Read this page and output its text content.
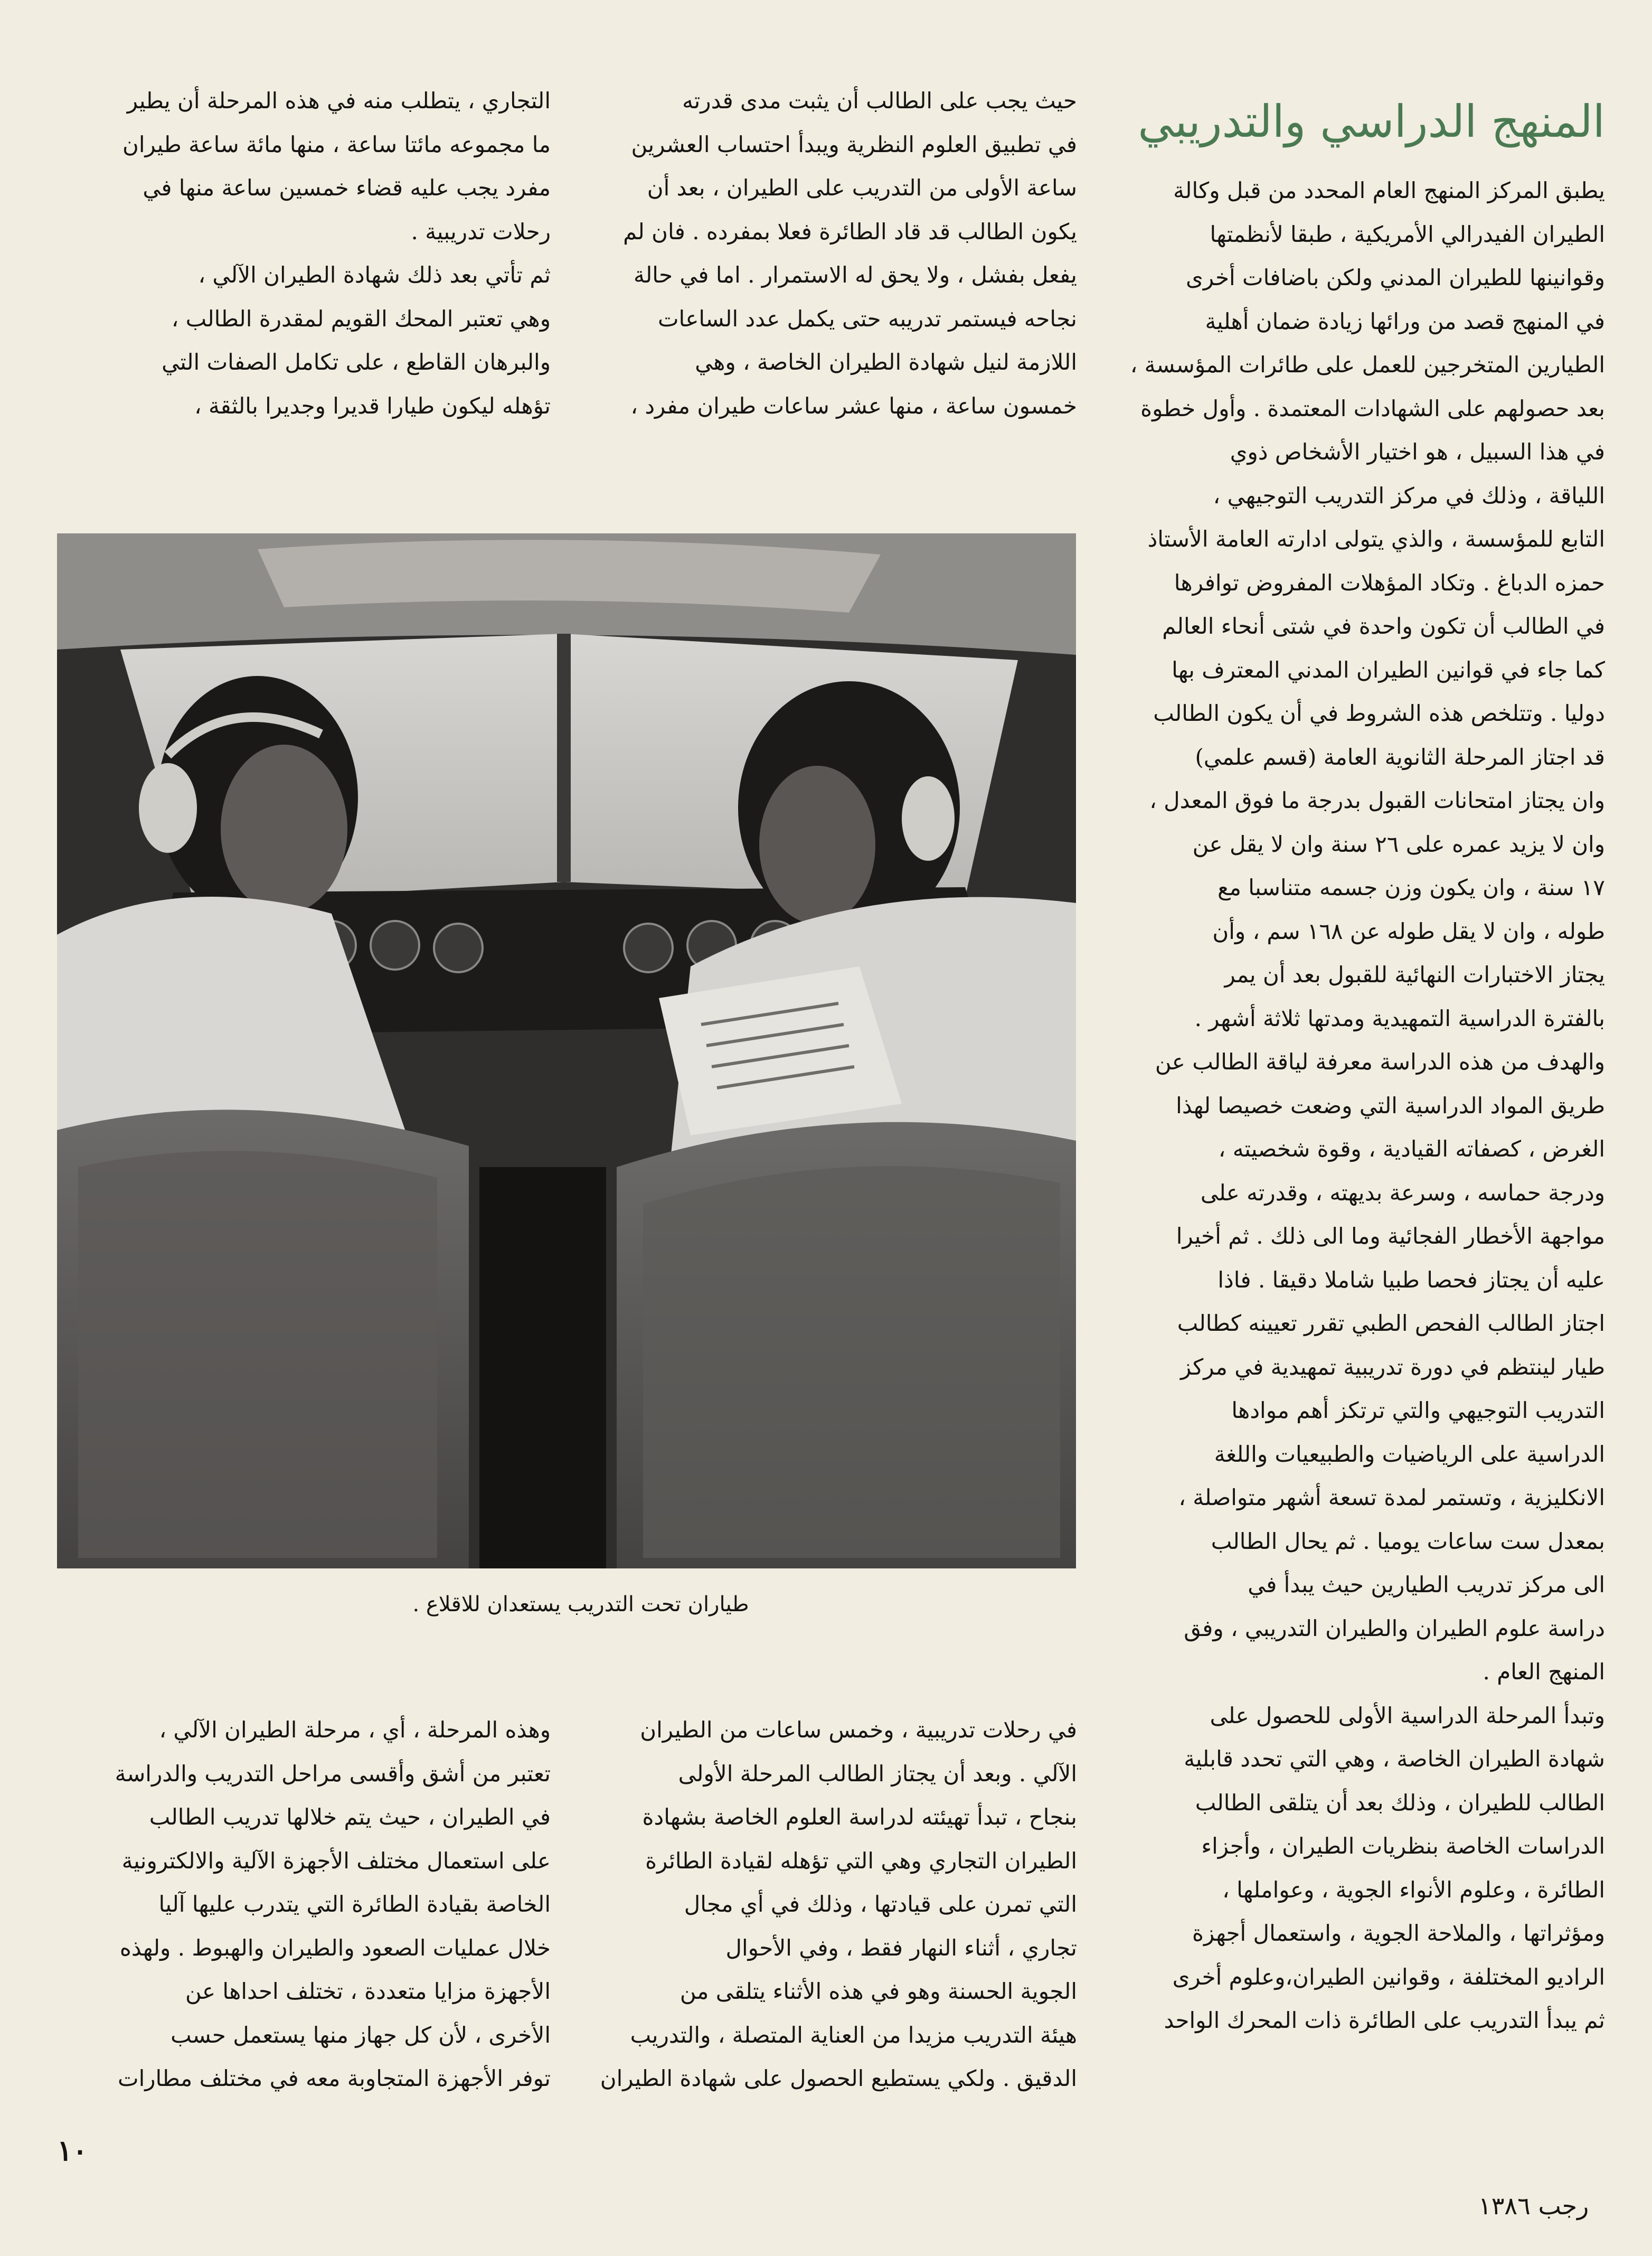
المنهج الدراسي والتدريبي

يطبق المركز المنهج العام المحدد من قبل وكالة
الطيران الفيدرالي الأمريكية ، طبقا لأنظمتها
وقوانينها للطيران المدني ولكن باضافات أخرى
في المنهج قصد من ورائها زيادة ضمان أهلية
الطيارين المتخرجين للعمل على طائرات المؤسسة ،
بعد حصولهم على الشهادات المعتمدة . وأول خطوة
في هذا السبيل ، هو اختيار الأشخاص ذوي
اللياقة ، وذلك في مركز التدريب التوجيهي ،
التابع للمؤسسة ، والذي يتولى ادارته العامة الأستاذ
حمزه الدباغ . وتكاد المؤهلات المفروض توافرها
في الطالب أن تكون واحدة في شتى أنحاء العالم
كما جاء في قوانين الطيران المدني المعترف بها
دوليا . وتتلخص هذه الشروط في أن يكون الطالب
قد اجتاز المرحلة الثانوية العامة (قسم علمي)
وان يجتاز امتحانات القبول بدرجة ما فوق المعدل ،
وان لا يزيد عمره على ٢٦ سنة وان لا يقل عن
١٧ سنة ، وان يكون وزن جسمه متناسبا مع
طوله ، وان لا يقل طوله عن ١٦٨ سم ، وأن
يجتاز الاختبارات النهائية للقبول بعد أن يمر
بالفترة الدراسية التمهيدية ومدتها ثلاثة أشهر .
والهدف من هذه الدراسة معرفة لياقة الطالب عن
طريق المواد الدراسية التي وضعت خصيصا لهذا
الغرض ، كصفاته القيادية ، وقوة شخصيته ،
ودرجة حماسه ، وسرعة بديهته ، وقدرته على
مواجهة الأخطار الفجائية وما الى ذلك . ثم أخيرا
عليه أن يجتاز فحصا طبيا شاملا دقيقا . فاذا
اجتاز الطالب الفحص الطبي تقرر تعيينه كطالب
طيار لينتظم في دورة تدريبية تمهيدية في مركز
التدريب التوجيهي والتي ترتكز أهم موادها
الدراسية على الرياضيات والطبيعيات واللغة
الانكليزية ، وتستمر لمدة تسعة أشهر متواصلة ،
بمعدل ست ساعات يوميا . ثم يحال الطالب
الى مركز تدريب الطيارين حيث يبدأ في
دراسة علوم الطيران والطيران التدريبي ، وفق
المنهج العام .

وتبدأ المرحلة الدراسية الأولى للحصول على
شهادة الطيران الخاصة ، وهي التي تحدد قابلية
الطالب للطيران ، وذلك بعد أن يتلقى الطالب
الدراسات الخاصة بنظريات الطيران ، وأجزاء
الطائرة ، وعلوم الأنواء الجوية ، وعواملها ،
ومؤثراتها ، والملاحة الجوية ، واستعمال أجهزة
الراديو المختلفة ، وقوانين الطيران،وعلوم أخرى
ثم يبدأ التدريب على الطائرة ذات المحرك الواحد

حيث يجب على الطالب أن يثبت مدى قدرته
في تطبيق العلوم النظرية ويبدأ احتساب العشرين
ساعة الأولى من التدريب على الطيران ، بعد أن
يكون الطالب قد قاد الطائرة فعلا بمفرده . فان لم
يفعل بفشل ، ولا يحق له الاستمرار . اما في حالة
نجاحه فيستمر تدريبه حتى يكمل عدد الساعات
اللازمة لنيل شهادة الطيران الخاصة ، وهي
خمسون ساعة ، منها عشر ساعات طيران مفرد ،

التجاري ، يتطلب منه في هذه المرحلة أن يطير
ما مجموعه مائتا ساعة ، منها مائة ساعة طيران
مفرد يجب عليه قضاء خمسين ساعة منها في
رحلات تدريبية .
ثم تأتي بعد ذلك شهادة الطيران الآلي ،
وهي تعتبر المحك القويم لمقدرة الطالب ،
والبرهان القاطع ، على تكامل الصفات التي
تؤهله ليكون طيارا قديرا وجديرا بالثقة ،

طياران تحت التدريب يستعدان للاقلاع .

في رحلات تدريبية ، وخمس ساعات من الطيران
الآلي . وبعد أن يجتاز الطالب المرحلة الأولى
بنجاح ، تبدأ تهيئته لدراسة العلوم الخاصة بشهادة
الطيران التجاري وهي التي تؤهله لقيادة الطائرة
التي تمرن على قيادتها ، وذلك في أي مجال
تجاري ، أثناء النهار فقط ، وفي الأحوال
الجوية الحسنة وهو في هذه الأثناء يتلقى من
هيئة التدريب مزيدا من العناية المتصلة ، والتدريب
الدقيق . ولكي يستطيع الحصول على شهادة الطيران

وهذه المرحلة ، أي ، مرحلة الطيران الآلي ،
تعتبر من أشق وأقسى مراحل التدريب والدراسة
في الطيران ، حيث يتم خلالها تدريب الطالب
على استعمال مختلف الأجهزة الآلية والالكترونية
الخاصة بقيادة الطائرة التي يتدرب عليها آليا
خلال عمليات الصعود والطيران والهبوط . ولهذه
الأجهزة مزايا متعددة ، تختلف احداها عن
الأخرى ، لأن كل جهاز منها يستعمل حسب
توفر الأجهزة المتجاوبة معه في مختلف مطارات

١٠
رجب ١٣٨٦
